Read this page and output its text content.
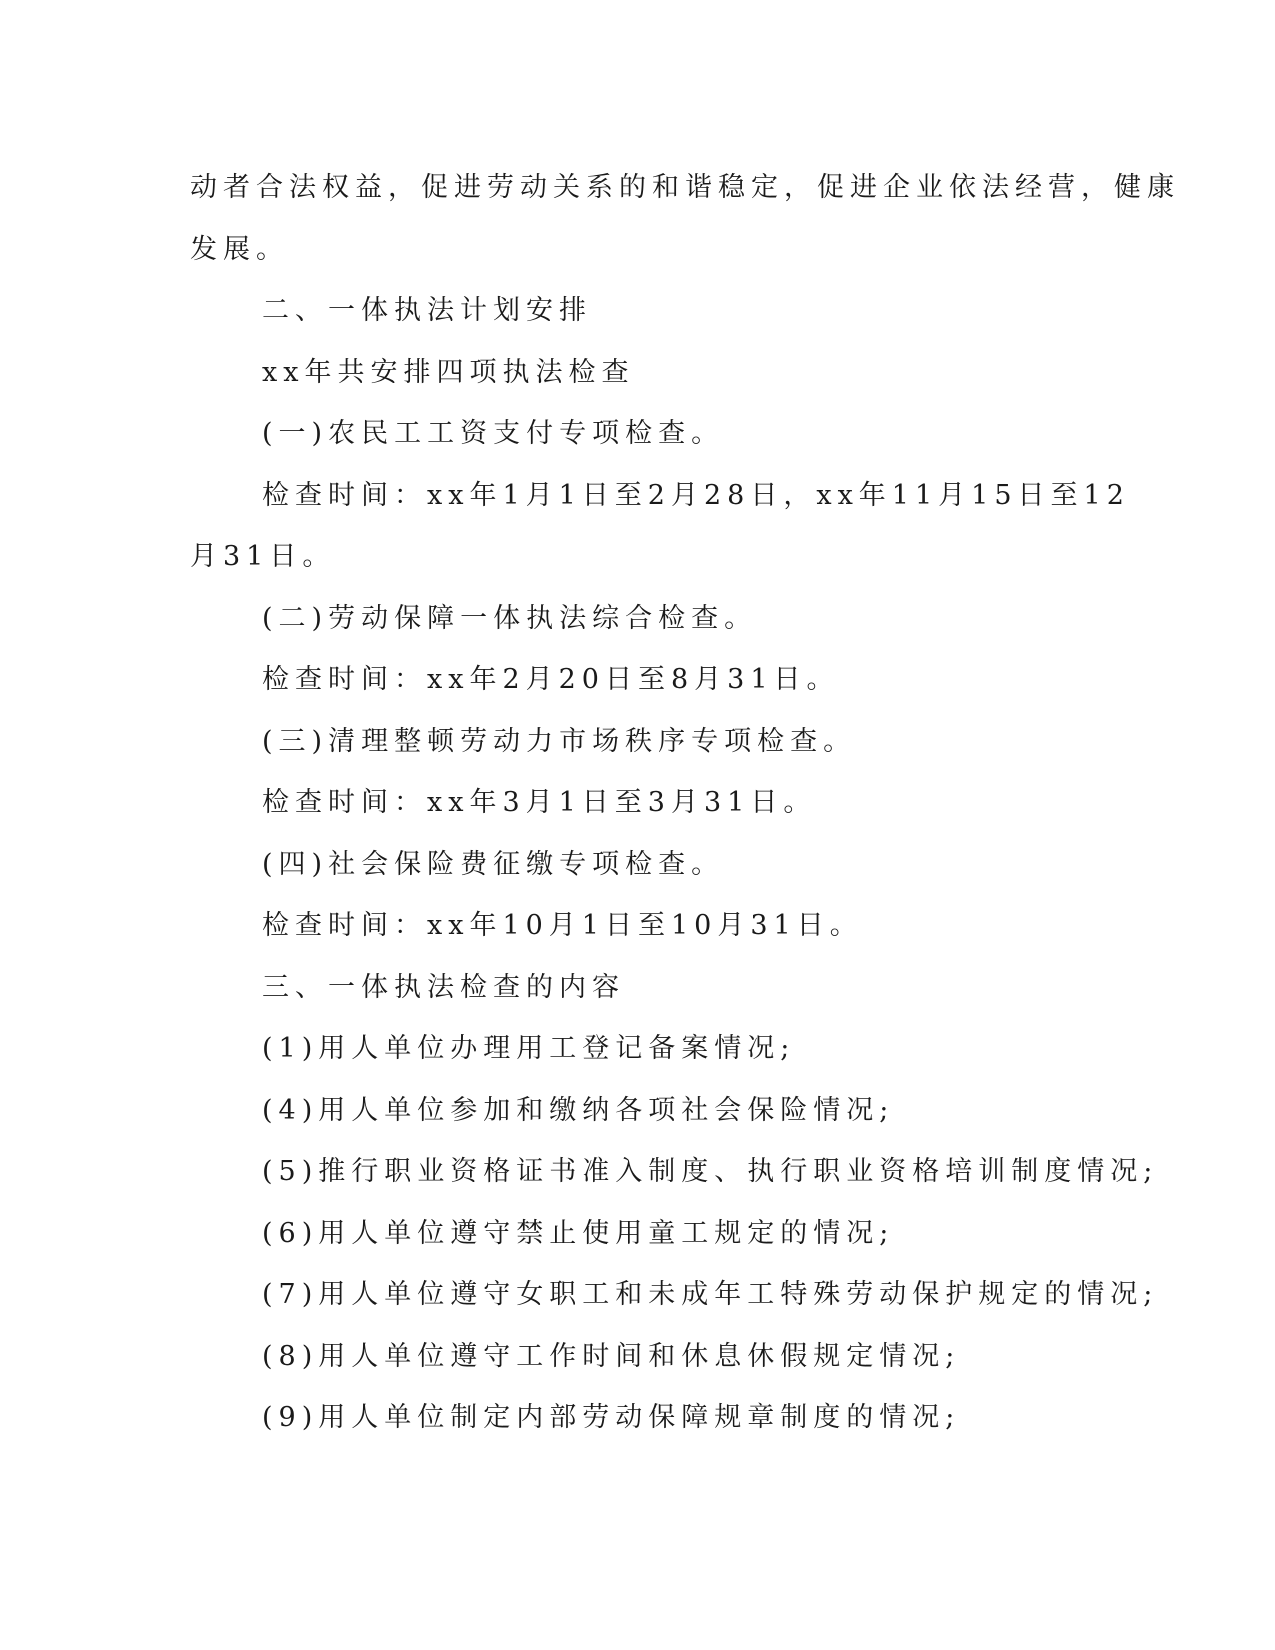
动者合法权益，促进劳动关系的和谐稳定，促进企业依法经营，健康

发展。

二、一体执法计划安排

xx年共安排四项执法检查

(一)农民工工资支付专项检查。

检查时间：xx年1月1日至2月28日，xx年11月15日至12

月31日。

(二)劳动保障一体执法综合检查。

检查时间：xx年2月20日至8月31日。

(三)清理整顿劳动力市场秩序专项检查。

检查时间：xx年3月1日至3月31日。

(四)社会保险费征缴专项检查。

检查时间：xx年10月1日至10月31日。

三、一体执法检查的内容

(1)用人单位办理用工登记备案情况;

(4)用人单位参加和缴纳各项社会保险情况;

(5)推行职业资格证书准入制度、执行职业资格培训制度情况;

(6)用人单位遵守禁止使用童工规定的情况;

(7)用人单位遵守女职工和未成年工特殊劳动保护规定的情况;

(8)用人单位遵守工作时间和休息休假规定情况;

(9)用人单位制定内部劳动保障规章制度的情况;
